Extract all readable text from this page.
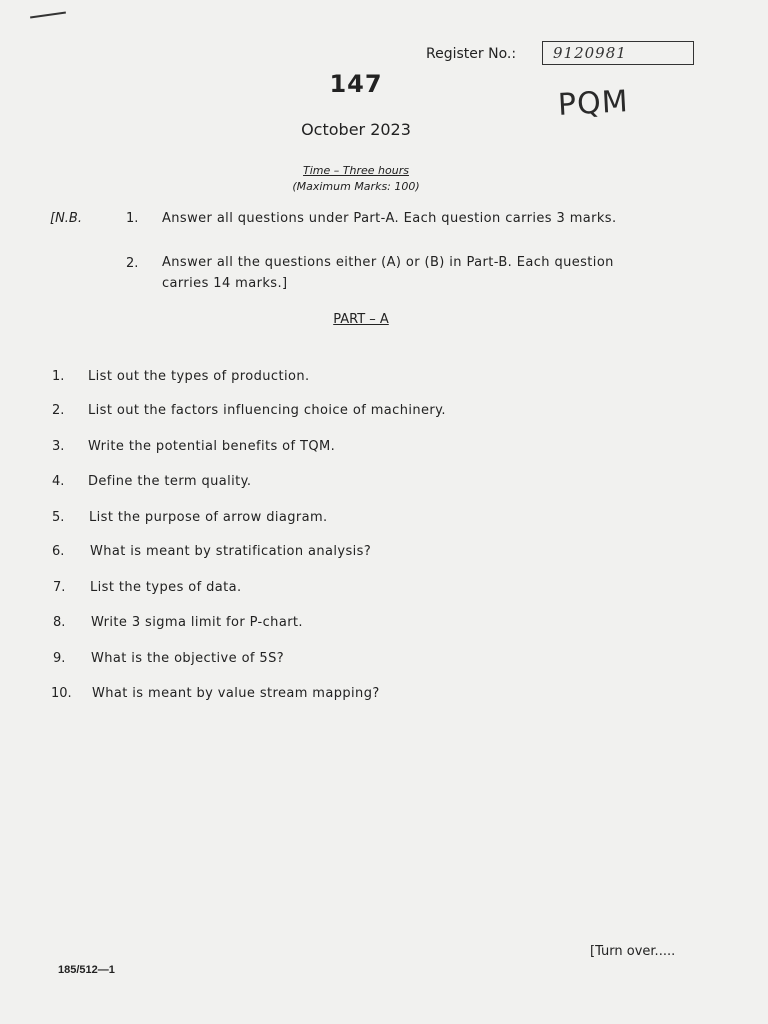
Register No.:	9120981
PQM
147
October 2023
Time – Three hours
(Maximum Marks: 100)
[N.B.	1. Answer all questions under Part-A. Each question carries 3 marks.
2. Answer all the questions either (A) or (B) in Part-B. Each question carries 14 marks.]
PART – A
1.	List out the types of production.
2.	List out the factors influencing choice of machinery.
3.	Write the potential benefits of TQM.
4.	Define the term quality.
5.	List the purpose of arrow diagram.
6.	What is meant by stratification analysis?
7.	List the types of data.
8.	Write 3 sigma limit for P-chart.
9.	What is the objective of 5S?
10.	What is meant by value stream mapping?
[Turn over.....
185/512—1
